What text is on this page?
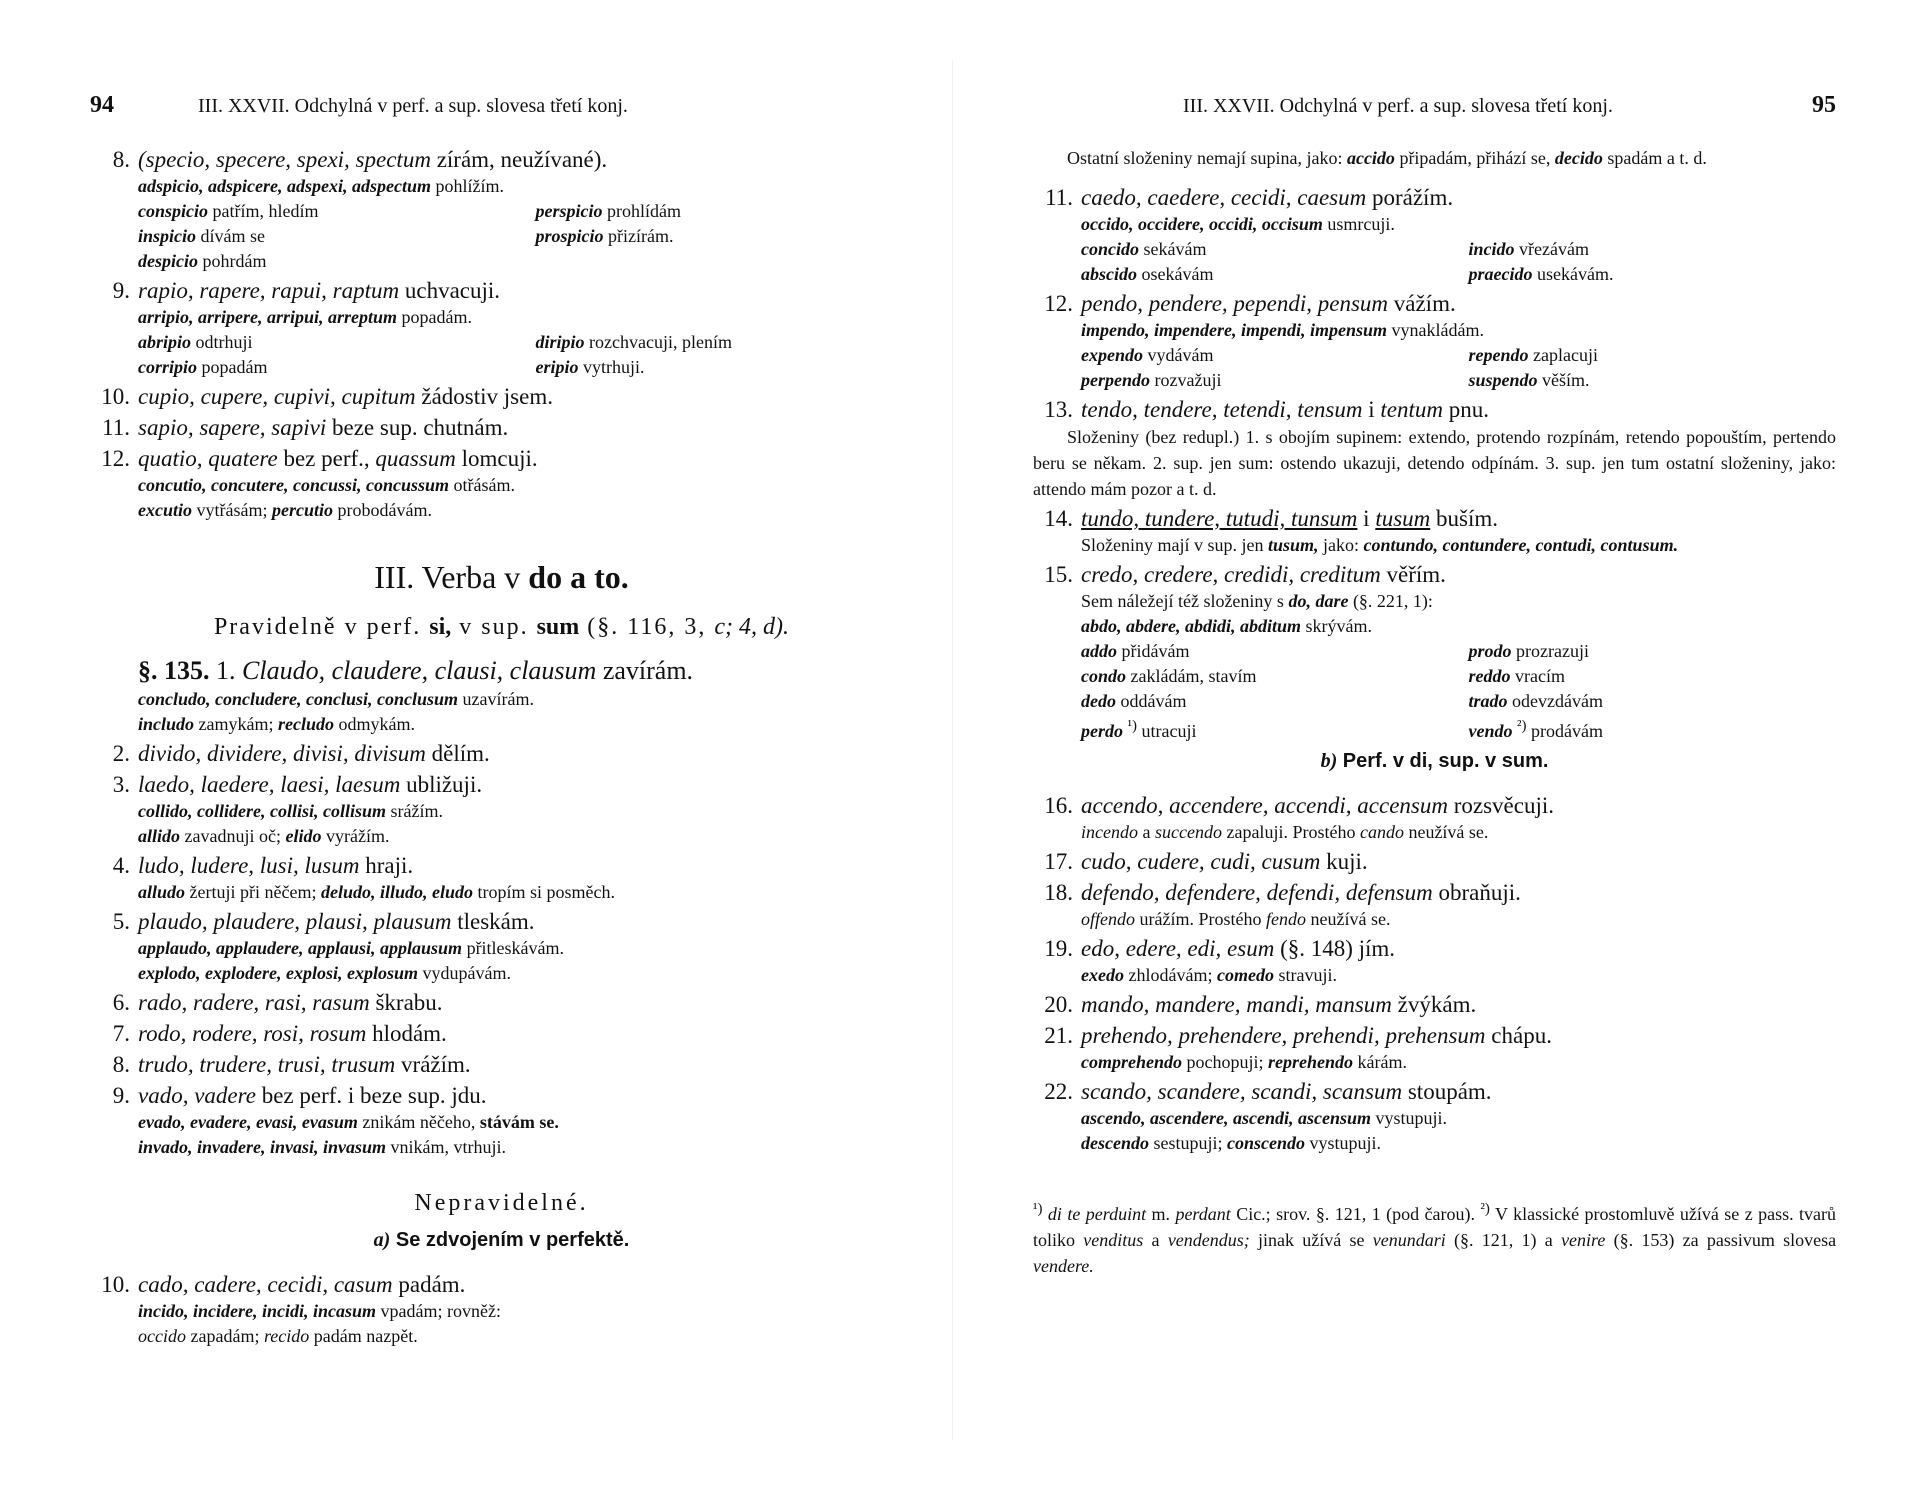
94	III. XXVII. Odchylná v perf. a sup. slovesa třetí konj.
8. (specio, specere, spexi, spectum zírám, neužívané).
adspicio, adspicere, adspexi, adspectum pohlížím.
conspicio patřím, hledím	perspicio prohlídám
inspicio dívám se	prospicio přizírám.
despicio pohrdám
9. rapio, rapere, rapui, raptum uchvacuji.
arripio, arripere, arripui, arreptum popadám.
abripio odtrhuji	diripio rozchvacuji, plením
corripio popadám	eripio vytrhuji.
10. cupio, cupere, cupivi, cupitum žádostiv jsem.
11. sapio, sapere, sapivi beze sup. chutnám.
12. quatio, quatere bez perf., quassum lomcuji.
concutio, concutere, concussi, concussum otřásám.
excutio vytřásám; percutio probodávám.
III. Verba v do a to.
Pravidelně v perf. si, v sup. sum (§. 116, 3, c; 4, d).
§. 135. 1. Claudo, claudere, clausi, clausum zavírám.
concludo, concludere, conclusi, conclusum uzavírám.
includo zamykám; recludo odmykám.
2. divido, dividere, divisi, divisum dělím.
3. laedo, laedere, laesi, laesum ubližuji.
collido, collidere, collisi, collisum srážím.
allido zavadnuji oč; elido vyrážím.
4. ludo, ludere, lusi, lusum hraji.
alludo žertuji při něčem; deludo, illudo, eludo tropím si posměch.
5. plaudo, plaudere, plausi, plausum tleskám.
applaudo, applaudere, applausi, applausum přitleskávám.
explodo, explodere, explosi, explosum vydupávám.
6. rado, radere, rasi, rasum škrabu.
7. rodo, rodere, rosi, rosum hlodám.
8. trudo, trudere, trusi, trusum vrážím.
9. vado, vadere bez perf. i beze sup. jdu.
evado, evadere, evasi, evasum znikám něčeho, stávám se.
invado, invadere, invasi, invasum vnikám, vtrhuji.
Nepravidelné.
a) Se zdvojením v perfektě.
10. cado, cadere, cecidi, casum padám.
incido, incidere, incidi, incasum vpadám; rovněž:
occido zapadám; recido padám nazpět.
III. XXVII. Odchylná v perf. a sup. slovesa třetí konj.	95
Ostatní složeniny nemají supina, jako: accido připadám, přihází se, decido spadám a t. d.
11. caedo, caedere, cecidi, caesum porážím.
occido, occidere, occidi, occisum usmrcuji.
concido sekávám	incido vřezávám
abscido osekávám	praecido usekávám.
12. pendo, pendere, pependi, pensum vážím.
impendo, impendere, impendi, impensum vynakládám.
expendo vydávám	rependo zaplacuji
perpendo rozvažuji	suspendo věším.
13. tendo, tendere, tetendi, tensum i tentum pnu.
Složeniny (bez redupl.) 1. s obojím supinem: extendo, protendo rozpínám, retendo popouštím, pertendo beru se někam. 2. sup. jen sum: ostendo ukazuji, detendo odpínám. 3. sup. jen tum ostatní složeniny, jako: attendo mám pozor a t. d.
14. tundo, tundere, tutudi, tunsum i tusum buším.
Složeniny mají v sup. jen tusum, jako: contundo, contundere, contudi, contusum.
15. credo, credere, credidi, creditum věřím.
Sem náležejí též složeniny s do, dare (§. 221, 1):
abdo, abdere, abdidi, abditum skrývám.
addo přidávám	prodo prozrazuji
condo zakládám, stavím	reddo vracím
dedo oddávám	trado odevzdávám
perdo $^{^1)}$ utracuji	vendo $^{^2)}$ prodávám
b) Perf. v di, sup. v sum.
16. accendo, accendere, accendi, accensum rozsvěcuji.
incendo a succendo zapaluji. Prostého cando neužívá se.
17. cudo, cudere, cudi, cusum kuji.
18. defendo, defendere, defendi, defensum obraňuji.
offendo urážím. Prostého fendo neužívá se.
19. edo, edere, edi, esum (§. 148) jím.
exedo zhlodávám; comedo stravuji.
20. mando, mandere, mandi, mansum žvýkám.
21. prehendo, prehendere, prehendi, prehensum chápu.
comprehendo pochopuji; reprehendo kárám.
22. scando, scandere, scandi, scansum stoupám.
ascendo, ascendere, ascendi, ascensum vystupuji.
descendo sestupuji; conscendo vystupuji.
$^{^1)}$ di te perduint m. perdant Cic.; srov. §. 121, 1 (pod čarou). $^{^2)}$ V klassické prostomluvě užívá se z pass. tvarů toliko venditus a vendendus; jinak užívá se venundari (§. 121, 1) a venire (§. 153) za passivum slovesa vendere.
